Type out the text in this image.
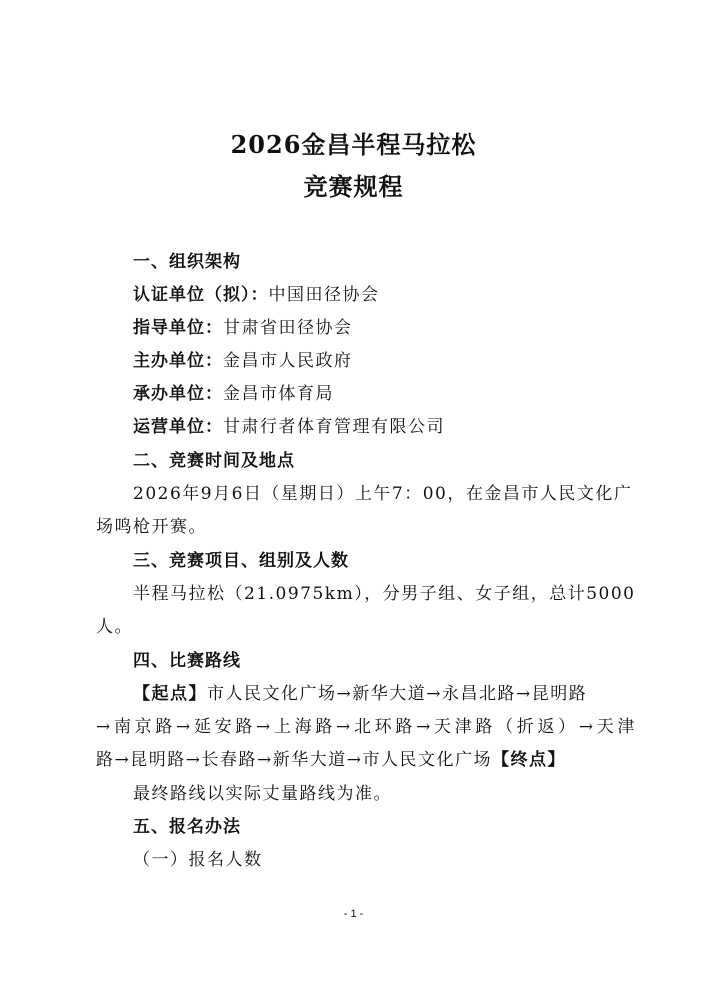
2026金昌半程马拉松
竞赛规程
一、组织架构
认证单位（拟）：中国田径协会
指导单位：甘肃省田径协会
主办单位：金昌市人民政府
承办单位：金昌市体育局
运营单位：甘肃行者体育管理有限公司
二、竞赛时间及地点
2026年9月6日（星期日）上午7：00，在金昌市人民文化广
场鸣枪开赛。
三、竞赛项目、组别及人数
半程马拉松（21.0975km），分男子组、女子组，总计5000
人。
四、比赛路线
【起点】市人民文化广场→新华大道→永昌北路→昆明路
→南京路→延安路→上海路→北环路→天津路（折返）→天津
路→昆明路→长春路→新华大道→市人民文化广场【终点】
最终路线以实际丈量路线为准。
五、报名办法
（一）报名人数
- 1 -
